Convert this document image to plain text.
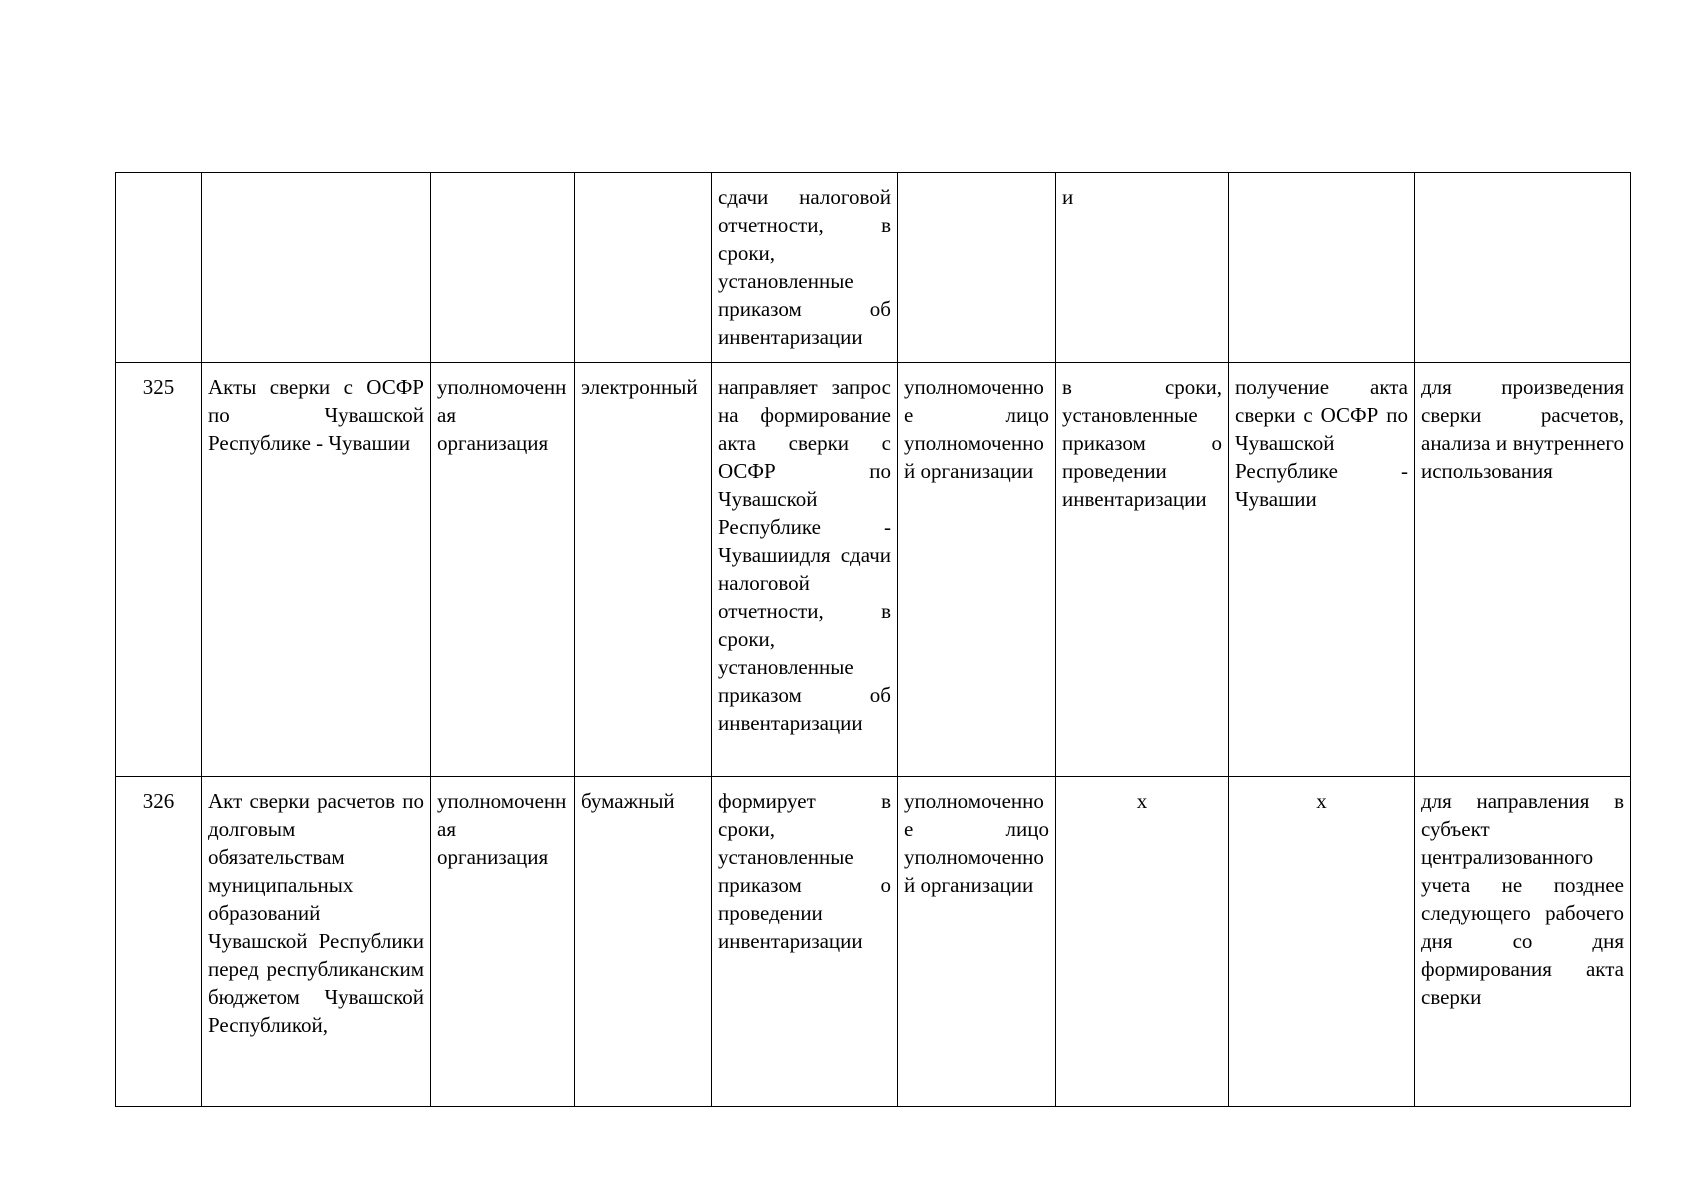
				сдачи налоговой отчетности, в сроки, установленные приказом об инвентаризации		и		
325	Акты сверки с ОСФР по Чувашской Республике - Чувашии	уполномоченная организация	электронный	направляет запрос на формирование акта сверки с ОСФР по Чувашской Республике - Чувашиидля сдачи налоговой отчетности, в сроки, установленные приказом об инвентаризации	уполномоченное лицо уполномоченной организации	в сроки, установленные приказом о проведении инвентаризации	получение акта сверки с ОСФР по Чувашской Республике - Чувашии	для произведения сверки расчетов, анализа и внутреннего использования
326	Акт сверки расчетов по долговым обязательствам муниципальных образований Чувашской Республики перед республиканским бюджетом Чувашской Республикой,	уполномоченная организация	бумажный	формирует в сроки, установленные приказом о проведении инвентаризации	уполномоченное лицо уполномоченной организации	х	х	для направления в субъект централизованного учета не позднее следующего рабочего дня со дня формирования акта сверки
